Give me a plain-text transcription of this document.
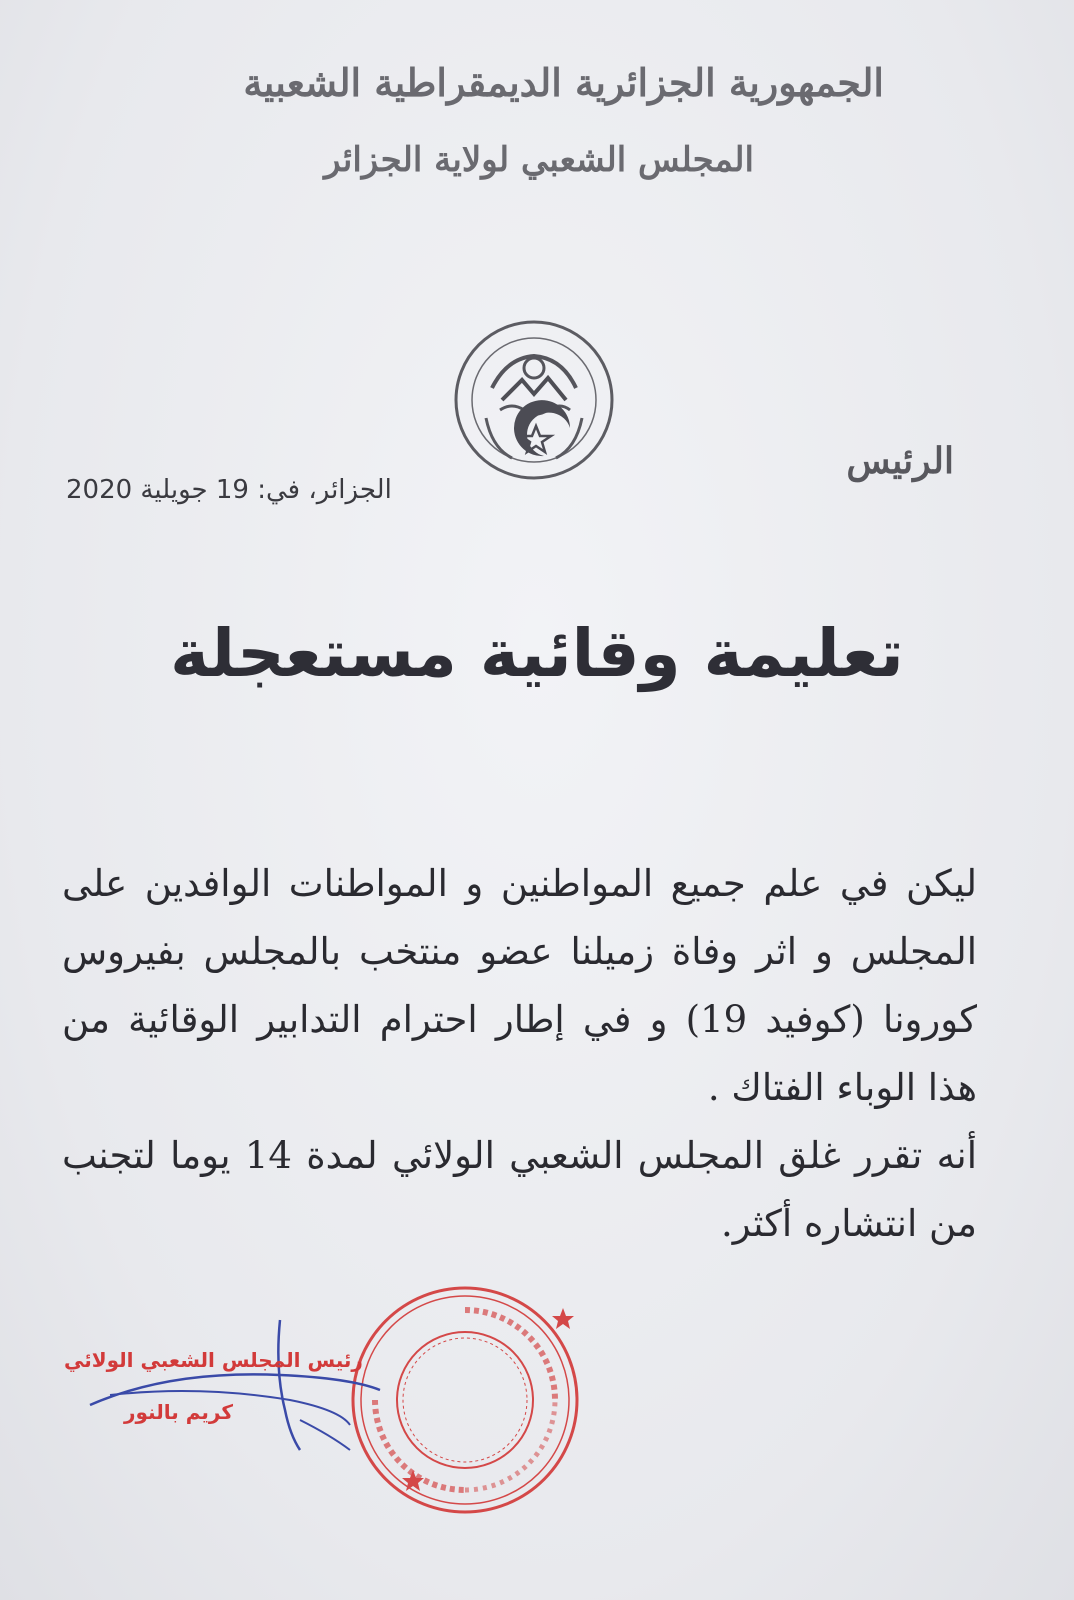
الجمهورية الجزائرية الديمقراطية الشعبية
المجلس الشعبي لولاية الجزائر
الرئيس
الجزائر، في: 19 جويلية 2020
تعليمة وقائية مستعجلة

ليكن في علم جميع المواطنين و المواطنات الوافدين على المجلس و اثر وفاة زميلنا عضو منتخب بالمجلس بفيروس كورونا (كوفيد 19) و في إطار احترام التدابير الوقائية من هذا الوباء الفتاك .

أنه تقرر غلق المجلس الشعبي الولائي لمدة 14 يوما لتجنب من انتشاره أكثر.

رئيس المجلس الشعبي الولائي
كريم بالنور
